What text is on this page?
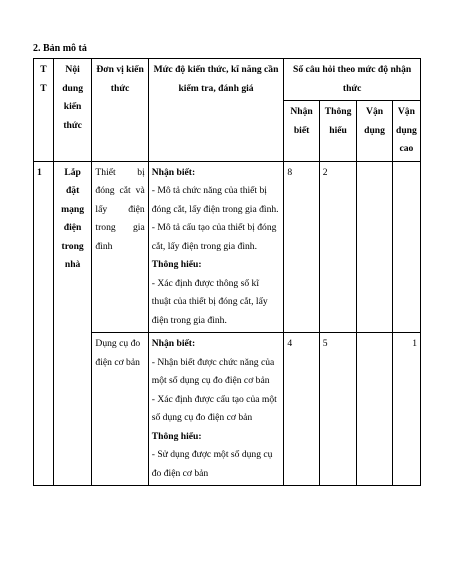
2. Bản mô tả
T T	Nội dung kiến thức	Đơn vị kiến thức	Mức độ kiến thức, kĩ năng cần kiểm tra, đánh giá	Số câu hỏi theo mức độ nhận thức			
				Nhận biết	Thông hiểu	Vận dụng	Vận dụng cao
1	Lắp đặt mạng điện trong nhà	Thiết bị đóng cắt và lấy điện trong gia đình	Nhận biết:
- Mô tả chức năng của thiết bị đóng cắt, lấy điện trong gia đình.
- Mô tả cấu tạo của thiết bị đóng cắt, lấy điện trong gia đình.
Thông hiểu:
- Xác định được thông số kĩ thuật của thiết bị đóng cắt, lấy điện trong gia đình.	8	2		
		Dụng cụ đo điện cơ bản	Nhận biết:
- Nhận biết được chức năng của một số dụng cụ đo điện cơ bản
- Xác định được cấu tạo của một số dụng cụ đo điện cơ bản
Thông hiểu:
- Sử dụng được một số dụng cụ đo điện cơ bản	4	5		1
